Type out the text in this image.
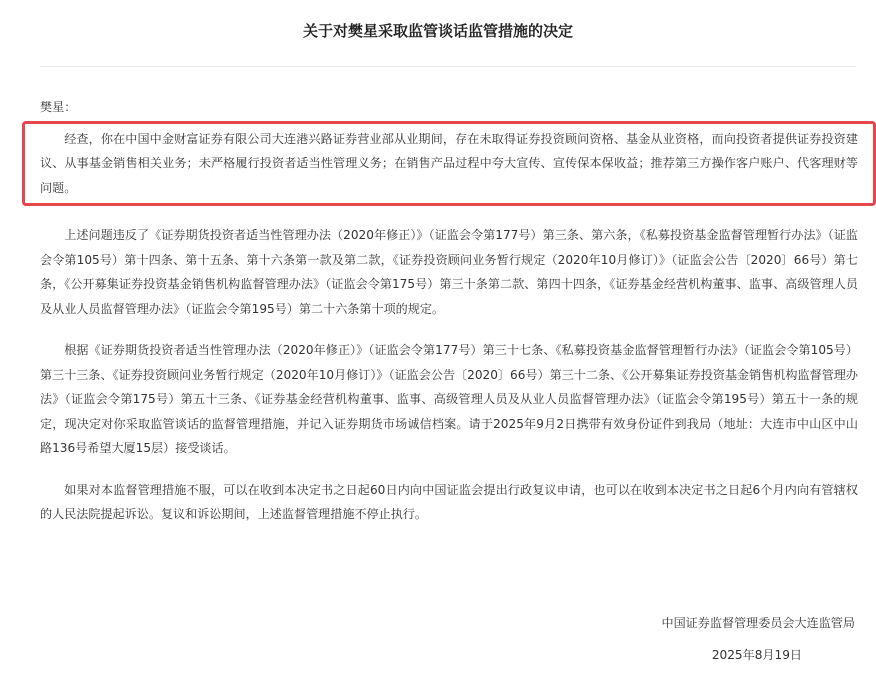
关于对樊星采取监管谈话监管措施的决定

樊星：

经查，你在中国中金财富证券有限公司大连港兴路证券营业部从业期间，存在未取得证券投资顾问资格、基金从业资格，而向投资者提供证券投资建议、从事基金销售相关业务；未严格履行投资者适当性管理义务；在销售产品过程中夸大宣传、宣传保本保收益；推荐第三方操作客户账户、代客理财等问题。

上述问题违反了《证券期货投资者适当性管理办法（2020年修正）》（证监会令第177号）第三条、第六条，《私募投资基金监督管理暂行办法》（证监会令第105号）第十四条、第十五条、第十六条第一款及第二款，《证券投资顾问业务暂行规定（2020年10月修订）》（证监会公告〔2020〕66号）第七条，《公开募集证券投资基金销售机构监督管理办法》（证监会令第175号）第三十条第二款、第四十四条，《证券基金经营机构董事、监事、高级管理人员及从业人员监督管理办法》（证监会令第195号）第二十六条第十项的规定。

根据《证券期货投资者适当性管理办法（2020年修正）》（证监会令第177号）第三十七条、《私募投资基金监督管理暂行办法》（证监会令第105号）第三十三条、《证券投资顾问业务暂行规定（2020年10月修订）》（证监会公告〔2020〕66号）第三十二条、《公开募集证券投资基金销售机构监督管理办法》（证监会令第175号）第五十三条、《证券基金经营机构董事、监事、高级管理人员及从业人员监督管理办法》（证监会令第195号）第五十一条的规定，现决定对你采取监管谈话的监督管理措施，并记入证券期货市场诚信档案。请于2025年9月2日携带有效身份证件到我局（地址：大连市中山区中山路136号希望大厦15层）接受谈话。

如果对本监督管理措施不服，可以在收到本决定书之日起60日内向中国证监会提出行政复议申请，也可以在收到本决定书之日起6个月内向有管辖权的人民法院提起诉讼。复议和诉讼期间，上述监督管理措施不停止执行。

中国证券监督管理委员会大连监管局
2025年8月19日
